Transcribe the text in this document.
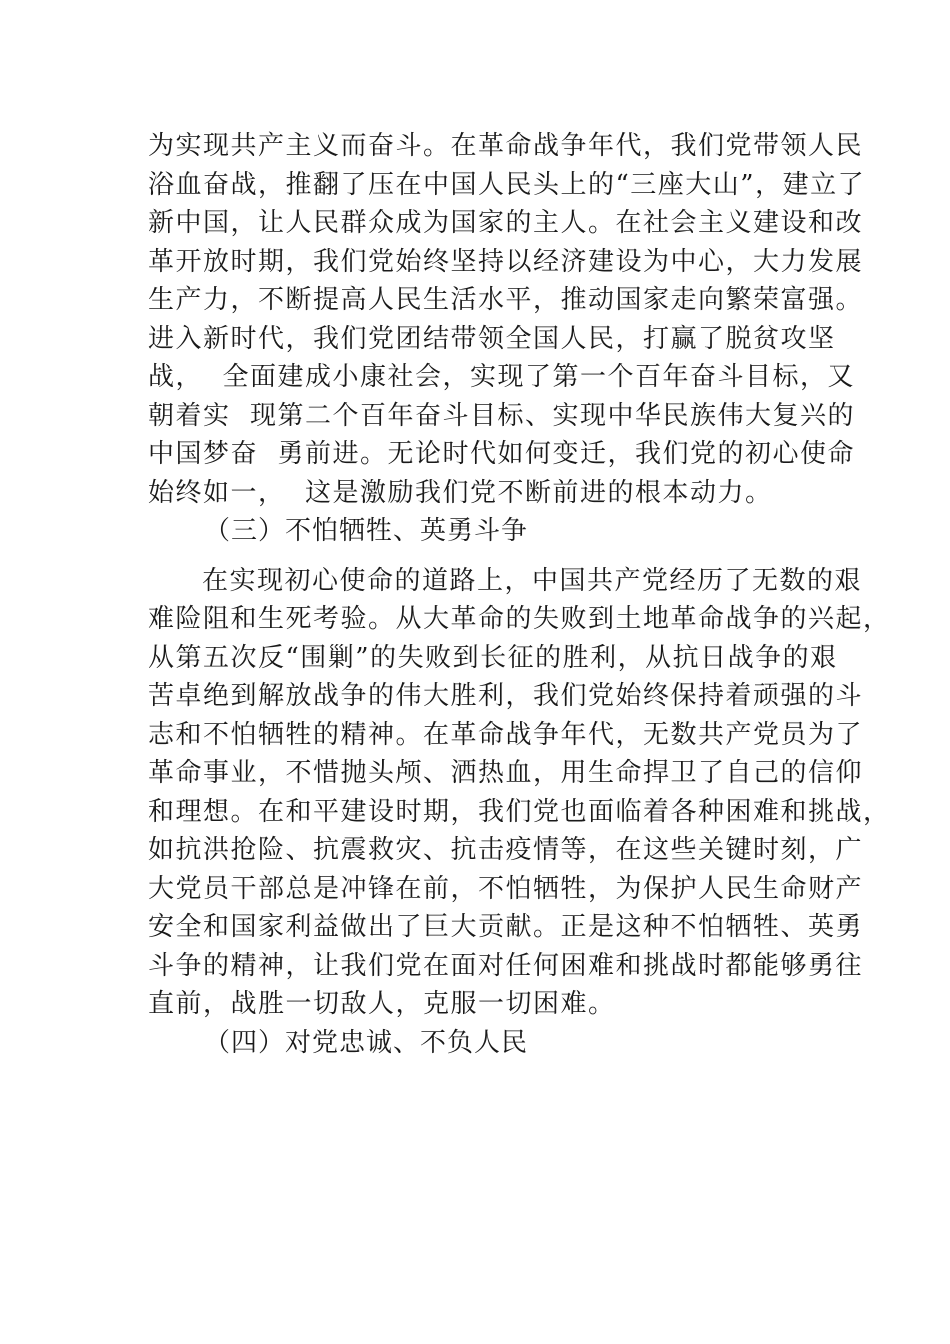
为实现共产主义而奋斗。在革命战争年代，我们党带领人民
浴血奋战，推翻了压在中国人民头上的“三座大山”，建立了
新中国，让人民群众成为国家的主人。在社会主义建设和改
革开放时期，我们党始终坚持以经济建设为中心，大力发展
生产力，不断提高人民生活水平，推动国家走向繁荣富强。
进入新时代，我们党团结带领全国人民，打赢了脱贫攻坚
战，  全面建成小康社会，实现了第一个百年奋斗目标，又
朝着实  现第二个百年奋斗目标、实现中华民族伟大复兴的
中国梦奋  勇前进。无论时代如何变迁，我们党的初心使命
始终如一，  这是激励我们党不断前进的根本动力。
（三）不怕牺牲、英勇斗争
在实现初心使命的道路上，中国共产党经历了无数的艰
难险阻和生死考验。从大革命的失败到土地革命战争的兴起，
从第五次反“围剿”的失败到长征的胜利，从抗日战争的艰
苦卓绝到解放战争的伟大胜利，我们党始终保持着顽强的斗
志和不怕牺牲的精神。在革命战争年代，无数共产党员为了
革命事业，不惜抛头颅、洒热血，用生命捍卫了自己的信仰
和理想。在和平建设时期，我们党也面临着各种困难和挑战，
如抗洪抢险、抗震救灾、抗击疫情等，在这些关键时刻，广
大党员干部总是冲锋在前，不怕牺牲，为保护人民生命财产
安全和国家利益做出了巨大贡献。正是这种不怕牺牲、英勇
斗争的精神，让我们党在面对任何困难和挑战时都能够勇往
直前，战胜一切敌人，克服一切困难。
（四）对党忠诚、不负人民
